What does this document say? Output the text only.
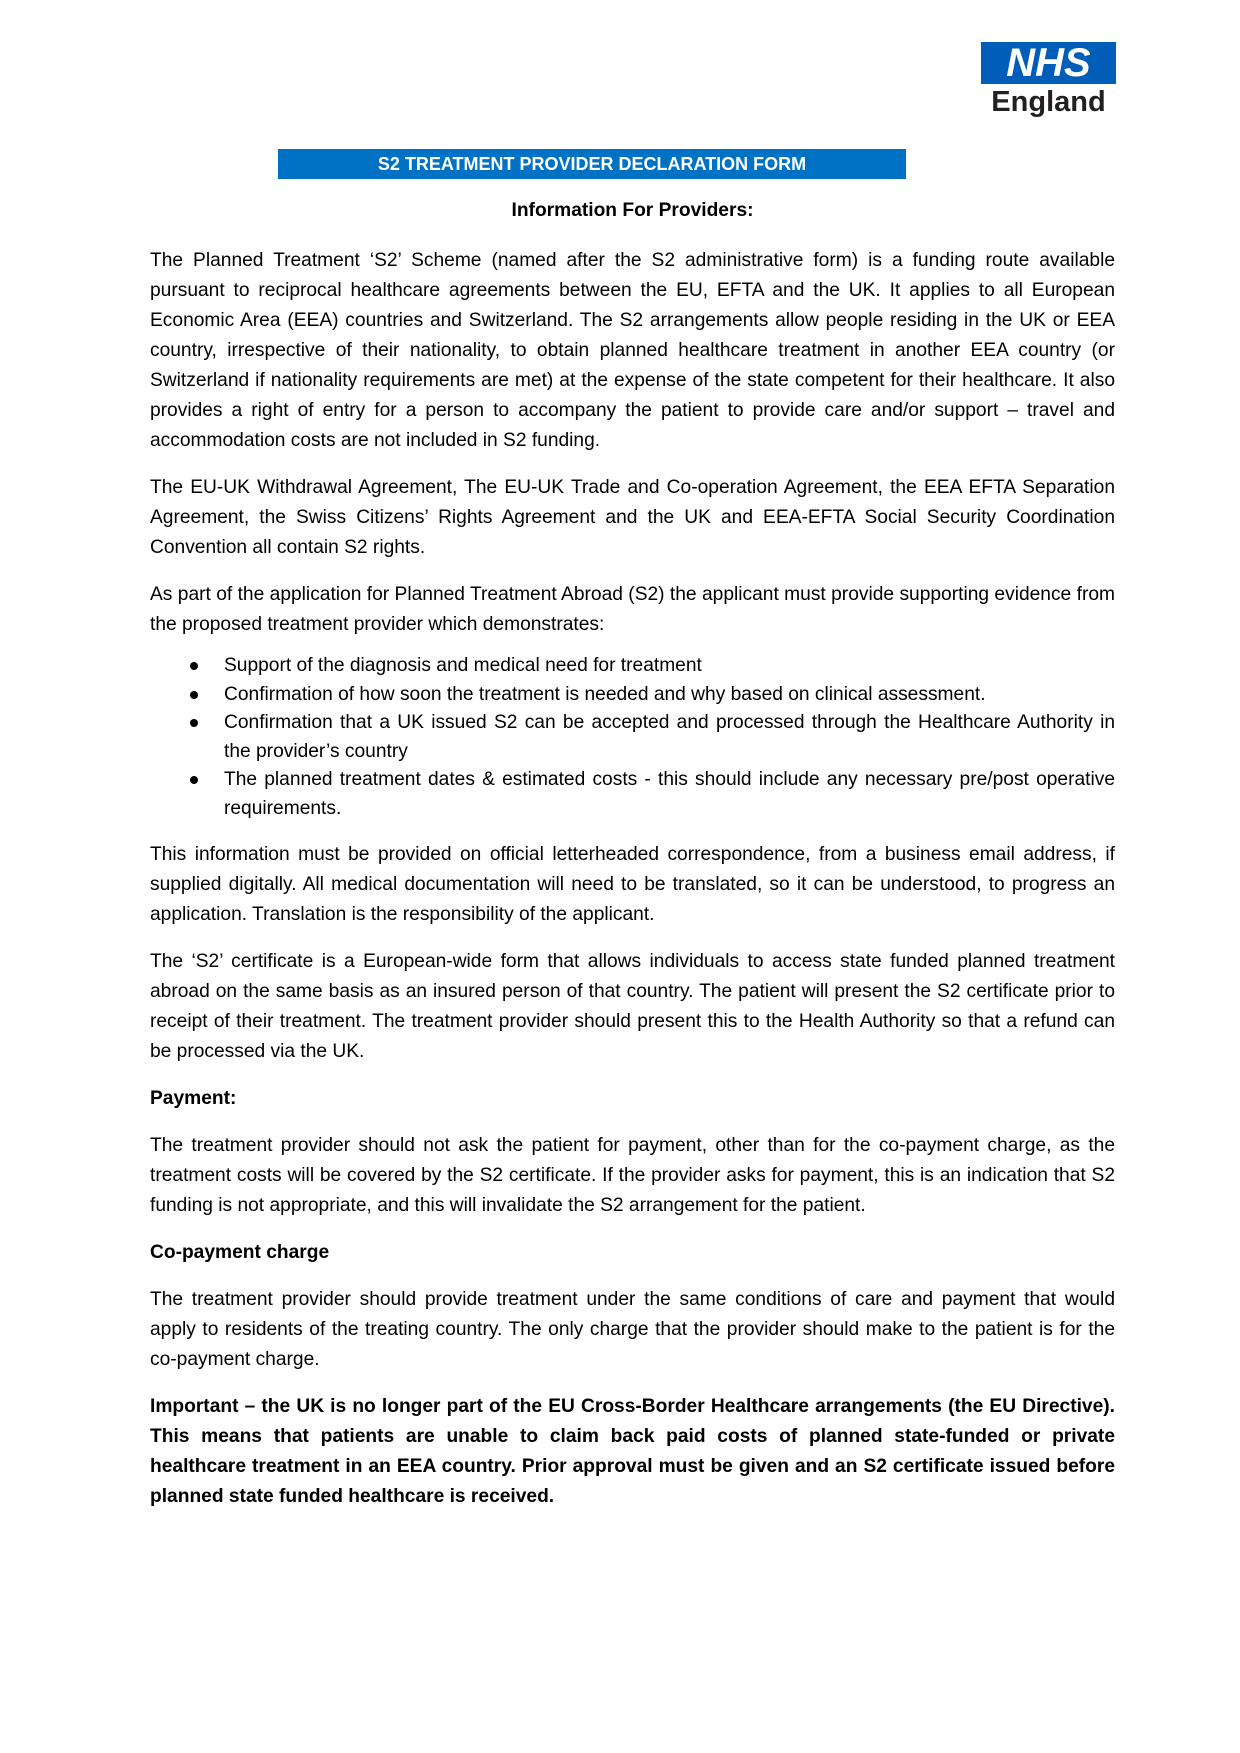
NHS
England
S2 TREATMENT PROVIDER DECLARATION FORM

Information For Providers:

The Planned Treatment ‘S2’ Scheme (named after the S2 administrative form) is a funding route available pursuant to reciprocal healthcare agreements between the EU, EFTA and the UK. It applies to all European Economic Area (EEA) countries and Switzerland. The S2 arrangements allow people residing in the UK or EEA country, irrespective of their nationality, to obtain planned healthcare treatment in another EEA country (or Switzerland if nationality requirements are met) at the expense of the state competent for their healthcare. It also provides a right of entry for a person to accompany the patient to provide care and/or support – travel and accommodation costs are not included in S2 funding.

The EU-UK Withdrawal Agreement, The EU-UK Trade and Co-operation Agreement, the EEA EFTA Separation Agreement, the Swiss Citizens’ Rights Agreement and the UK and EEA-EFTA Social Security Coordination Convention all contain S2 rights.

As part of the application for Planned Treatment Abroad (S2) the applicant must provide supporting evidence from the proposed treatment provider which demonstrates:

Support of the diagnosis and medical need for treatment
Confirmation of how soon the treatment is needed and why based on clinical assessment.
Confirmation that a UK issued S2 can be accepted and processed through the Healthcare Authority in the provider’s country
The planned treatment dates & estimated costs - this should include any necessary pre/post operative requirements.

This information must be provided on official letterheaded correspondence, from a business email address, if supplied digitally. All medical documentation will need to be translated, so it can be understood, to progress an application. Translation is the responsibility of the applicant.

The ‘S2’ certificate is a European-wide form that allows individuals to access state funded planned treatment abroad on the same basis as an insured person of that country. The patient will present the S2 certificate prior to receipt of their treatment. The treatment provider should present this to the Health Authority so that a refund can be processed via the UK.

Payment:

The treatment provider should not ask the patient for payment, other than for the co-payment charge, as the treatment costs will be covered by the S2 certificate. If the provider asks for payment, this is an indication that S2 funding is not appropriate, and this will invalidate the S2 arrangement for the patient.

Co-payment charge

The treatment provider should provide treatment under the same conditions of care and payment that would apply to residents of the treating country. The only charge that the provider should make to the patient is for the co-payment charge.

Important – the UK is no longer part of the EU Cross-Border Healthcare arrangements (the EU Directive). This means that patients are unable to claim back paid costs of planned state-funded or private healthcare treatment in an EEA country. Prior approval must be given and an S2 certificate issued before planned state funded healthcare is received.
